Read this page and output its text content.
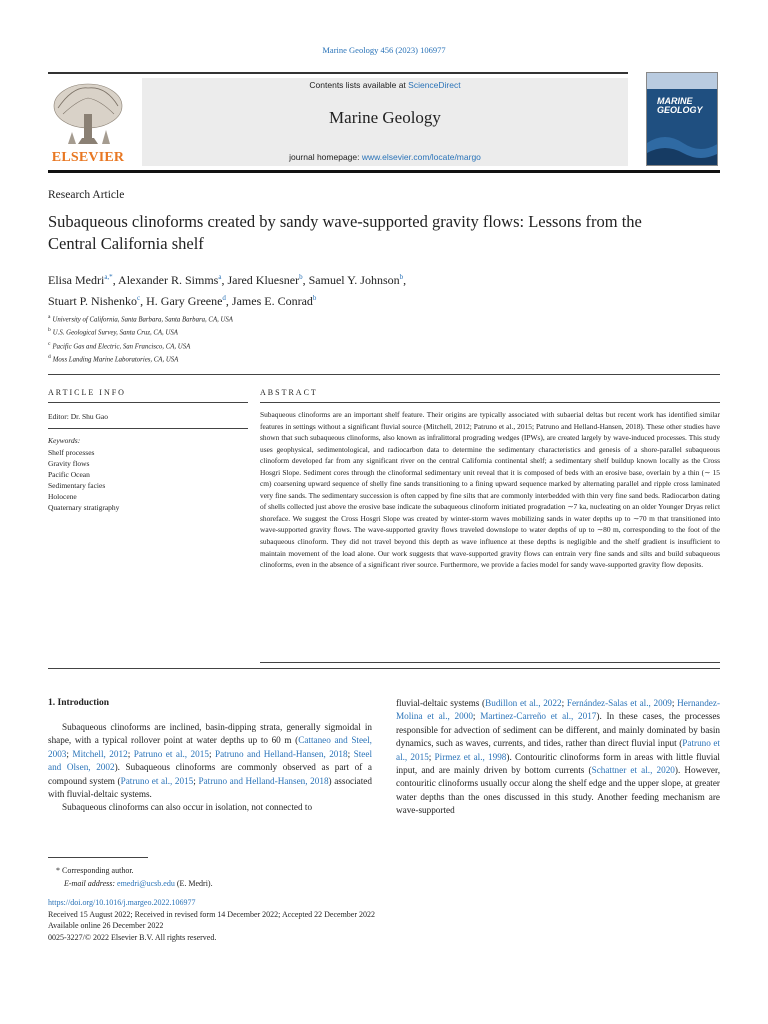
Marine Geology 456 (2023) 106977
ELSEVIER
Contents lists available at ScienceDirect
Marine Geology
journal homepage: www.elsevier.com/locate/margo
MARINE GEOLOGY
Research Article
Subaqueous clinoforms created by sandy wave-supported gravity flows: Lessons from the Central California shelf
Elisa Medri$^{a,*}$, Alexander R. Simms$^a$, Jared Kluesner$^b$, Samuel Y. Johnson$^b$,
Stuart P. Nishenko$^c$, H. Gary Greene$^d$, James E. Conrad$^b$
$^a$ University of California, Santa Barbara, Santa Barbara, CA, USA
$^b$ U.S. Geological Survey, Santa Cruz, CA, USA
$^c$ Pacific Gas and Electric, San Francisco, CA, USA
$^d$ Moss Landing Marine Laboratories, CA, USA
ARTICLE INFO	ABSTRACT
Editor: Dr. Shu Gao
Keywords:
Shelf processes
Gravity flows
Pacific Ocean
Sedimentary facies
Holocene
Quaternary stratigraphy
Subaqueous clinoforms are an important shelf feature. Their origins are typically associated with subaerial deltas but recent work has identified similar features in settings without a significant fluvial source (Mitchell, 2012; Patruno et al., 2015; Patruno and Helland-Hansen, 2018). These other studies have shown that such subaqueous clinoforms, also known as infralittoral prograding wedges (IPWs), are created largely by wave-induced processes. This study uses geophysical, sedimentological, and radiocarbon data to determine the sedimentary characteristics and genesis of a shore-parallel subaqueous clinoform developed far from any significant river on the central California continental shelf; a sedimentary shelf buildup known locally as the Cross Hosgri Slope. Sediment cores through the clinoformal sedimentary unit reveal that it is composed of beds with an erosive base, overlain by a thin (∼ 15 cm) coarsening upward sequence of shelly fine sands transitioning to a fining upward sequence marked by alternating parallel and ripple cross laminated very fine sands. The sedimentary succession is often capped by fine silts that are commonly interbedded with thin very fine sand beds. Radiocarbon dating of shells collected just above the erosive base indicate the subaqueous clinoform initiated progradation ∼7 ka, nucleating on an older Younger Dryas relict shoreface. We suggest the Cross Hosgri Slope was created by winter-storm waves mobilizing sands in water depths up to ∼70 m that transitioned into wave-supported gravity flows. The wave-supported gravity flows traveled downslope to water depths of up to ∼80 m, corresponding to the foot of the subaqueous clinoform. They did not travel beyond this depth as wave influence at these depths is negligible and the shelf gradient is insufficient to maintain movement of the load alone. Our work suggests that wave-supported gravity flows can entrain very fine sands and silts and build subaqueous clinoforms, even in the absence of a significant river source. Furthermore, we provide a facies model for sandy wave-supported gravity flow deposits.
1. Introduction

Subaqueous clinoforms are inclined, basin-dipping strata, generally sigmoidal in shape, with a typical rollover point at water depths up to 60 m (Cattaneo and Steel, 2003; Mitchell, 2012; Patruno et al., 2015; Patruno and Helland-Hansen, 2018; Steel and Olsen, 2002). Subaqueous clinoforms are commonly observed as part of a compound system (Patruno et al., 2015; Patruno and Helland-Hansen, 2018) associated with fluvial-deltaic systems.

Subaqueous clinoforms can also occur in isolation, not connected to

fluvial-deltaic systems (Budillon et al., 2022; Fernández-Salas et al., 2009; Hernandez-Molina et al., 2000; Martinez-Carreño et al., 2017). In these cases, the processes responsible for advection of sediment can be different, and mainly dominated by basin dynamics, such as waves, currents, and tides, rather than direct fluvial input (Patruno et al., 2015; Pirmez et al., 1998). Contouritic clinoforms form in areas with little fluvial input, and are mainly driven by bottom currents (Schattner et al., 2020). However, contouritic clinoforms usually occur along the shelf edge and the upper slope, at greater water depths than the ones discussed in this study. Another feeding mechanism are wave-supported

* Corresponding author.
E-mail address: emedri@ucsb.edu (E. Medri).
https://doi.org/10.1016/j.margeo.2022.106977
Received 15 August 2022; Received in revised form 14 December 2022; Accepted 22 December 2022
Available online 26 December 2022
0025-3227/© 2022 Elsevier B.V. All rights reserved.
